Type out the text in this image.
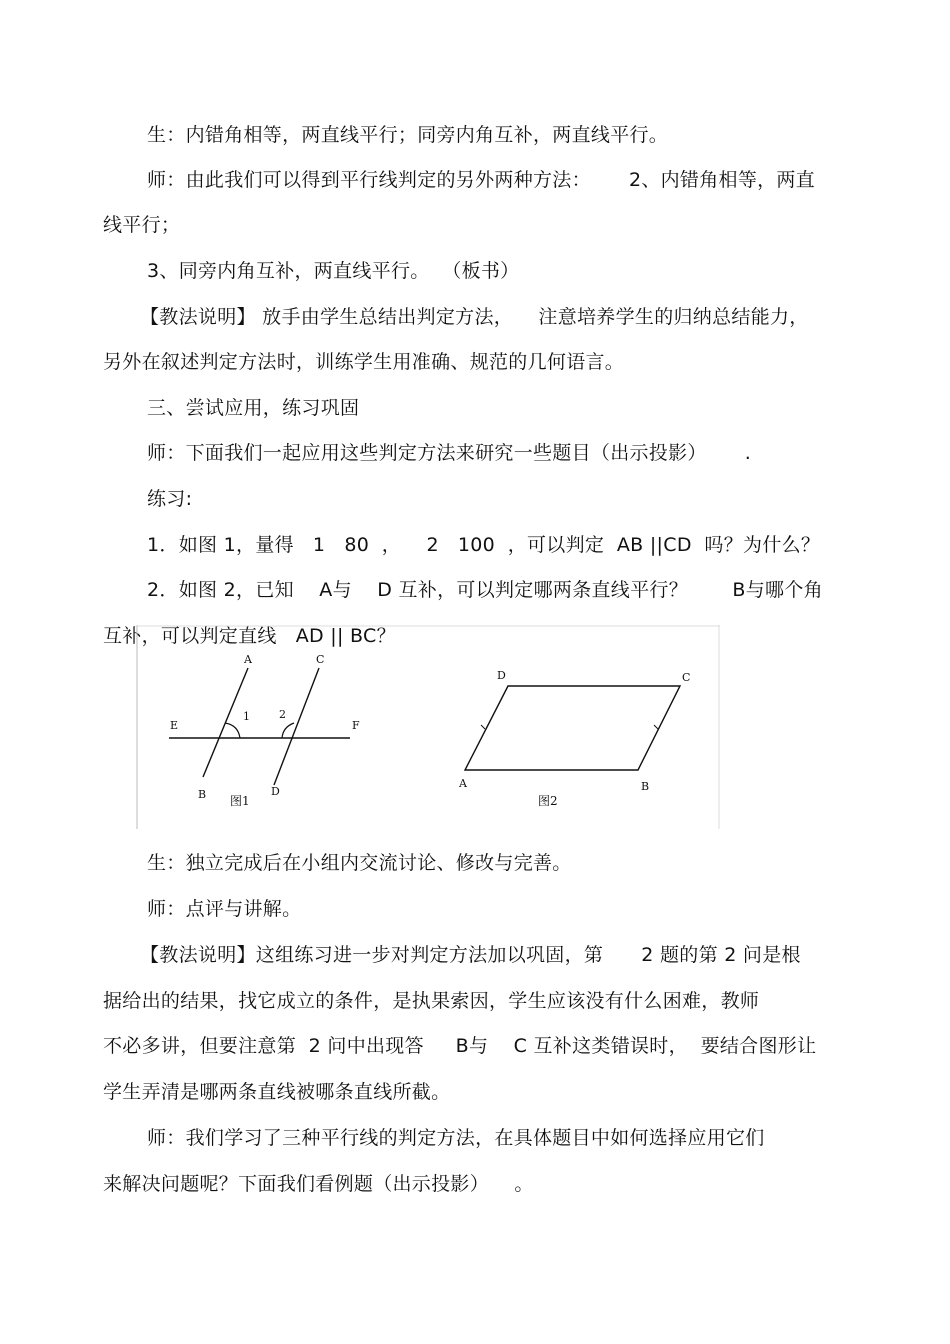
生：内错角相等，两直线平行；同旁内角互补，两直线平行。
师：由此我们可以得到平行线判定的另外两种方法：      2、内错角相等，两直
线平行；
3、同旁内角互补，两直线平行。  （板书）
【教法说明】 放手由学生总结出判定方法，    注意培养学生的归纳总结能力，
另外在叙述判定方法时，训练学生用准确、规范的几何语言。
三、尝试应用，练习巩固
师：下面我们一起应用这些判定方法来研究一些题目（出示投影）      .
练习:
1．如图 1，量得   1   80  ，    2   100  ，可以判定  AB ||CD  吗？为什么？
2．如图 2，已知    A与    D 互补，可以判定哪两条直线平行？       B与哪个角
互补，可以判定直线   AD || BC？
生：独立完成后在小组内交流讨论、修改与完善。
师：点评与讲解。
【教法说明】这组练习进一步对判定方法加以巩固，第      2 题的第 2 问是根
据给出的结果，找它成立的条件，是执果索因，学生应该没有什么困难，教师
不必多讲，但要注意第  2 问中出现答     B与    C 互补这类错误时，  要结合图形让
学生弄清是哪两条直线被哪条直线所截。
师：我们学习了三种平行线的判定方法，在具体题目中如何选择应用它们
来解决问题呢？下面我们看例题（出示投影）    。
A	C
E	F
1	2
B	D
图1
D	C
A	B
图2
